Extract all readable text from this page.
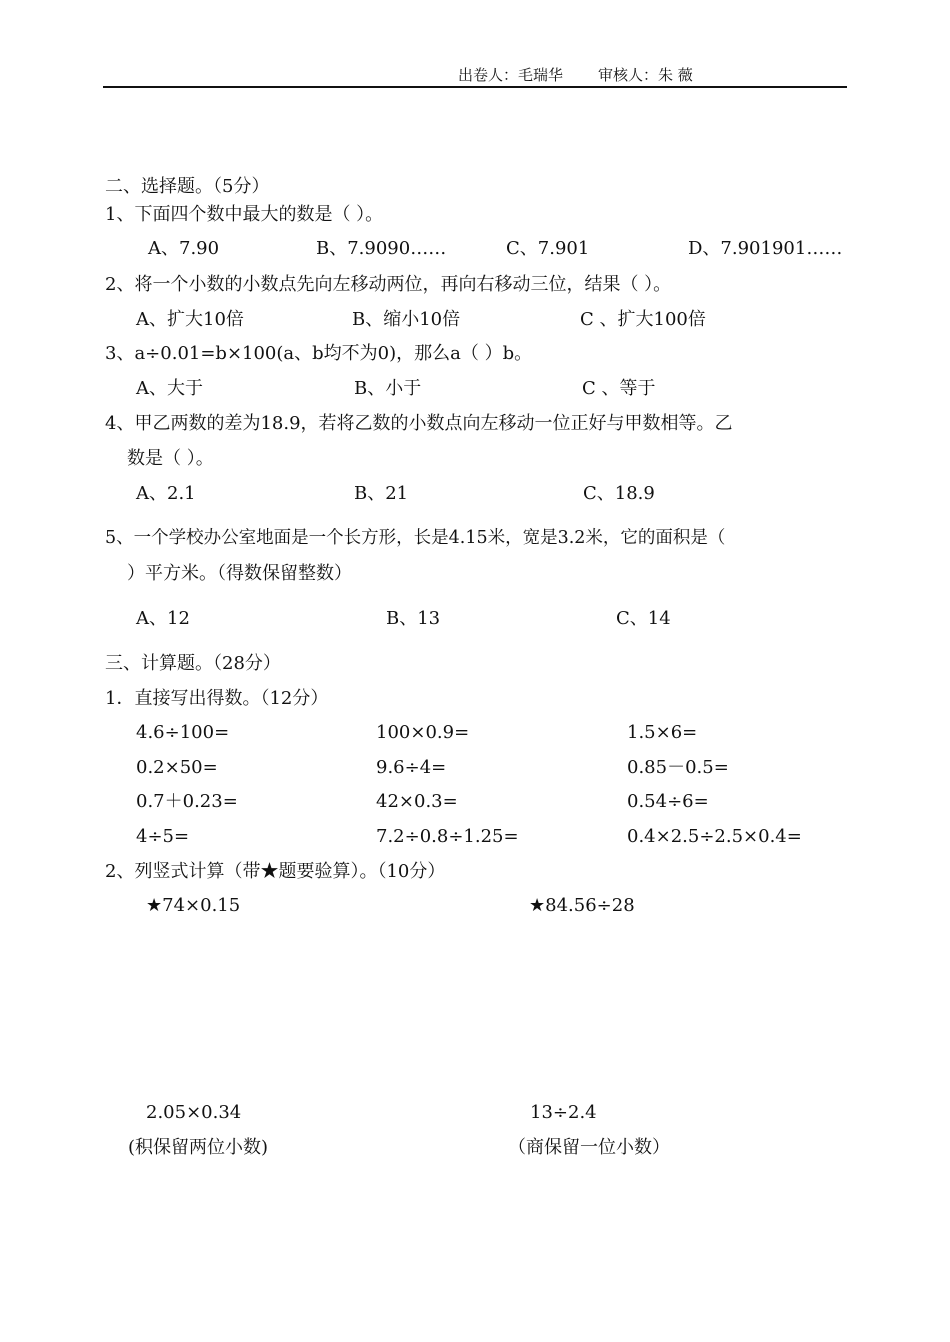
出卷人：毛瑞华 审核人：朱 薇
二、选择题。（5分）
1、下面四个数中最大的数是（ ）。
A、7.90	B、7.9090……	C、7.901	D、7.901901……
2、将一个小数的小数点先向左移动两位，再向右移动三位，结果（ ）。
A、扩大10倍	B、缩小10倍	C 、扩大100倍
3、a÷0.01=b×100(a、b均不为0)，那么a（ ）b。
A、大于	B、小于	C 、等于
4、甲乙两数的差为18.9，若将乙数的小数点向左移动一位正好与甲数相等。乙
数是（ ）。
A、2.1	B、21	C、18.9
5、一个学校办公室地面是一个长方形，长是4.15米，宽是3.2米，它的面积是（
）平方米。（得数保留整数）
A、12	B、13	C、14
三、计算题。（28分）
1．直接写出得数。（12分）
4.6÷100=	100×0.9=	1.5×6=
0.2×50=	9.6÷4=	0.85－0.5=
0.7＋0.23=	42×0.3=	0.54÷6=
4÷5=	7.2÷0.8÷1.25=	0.4×2.5÷2.5×0.4=
2、列竖式计算（带★题要验算）。（10分）
★74×0.15	★84.56÷28
2.05×0.34
(积保留两位小数)
13÷2.4
（商保留一位小数）
